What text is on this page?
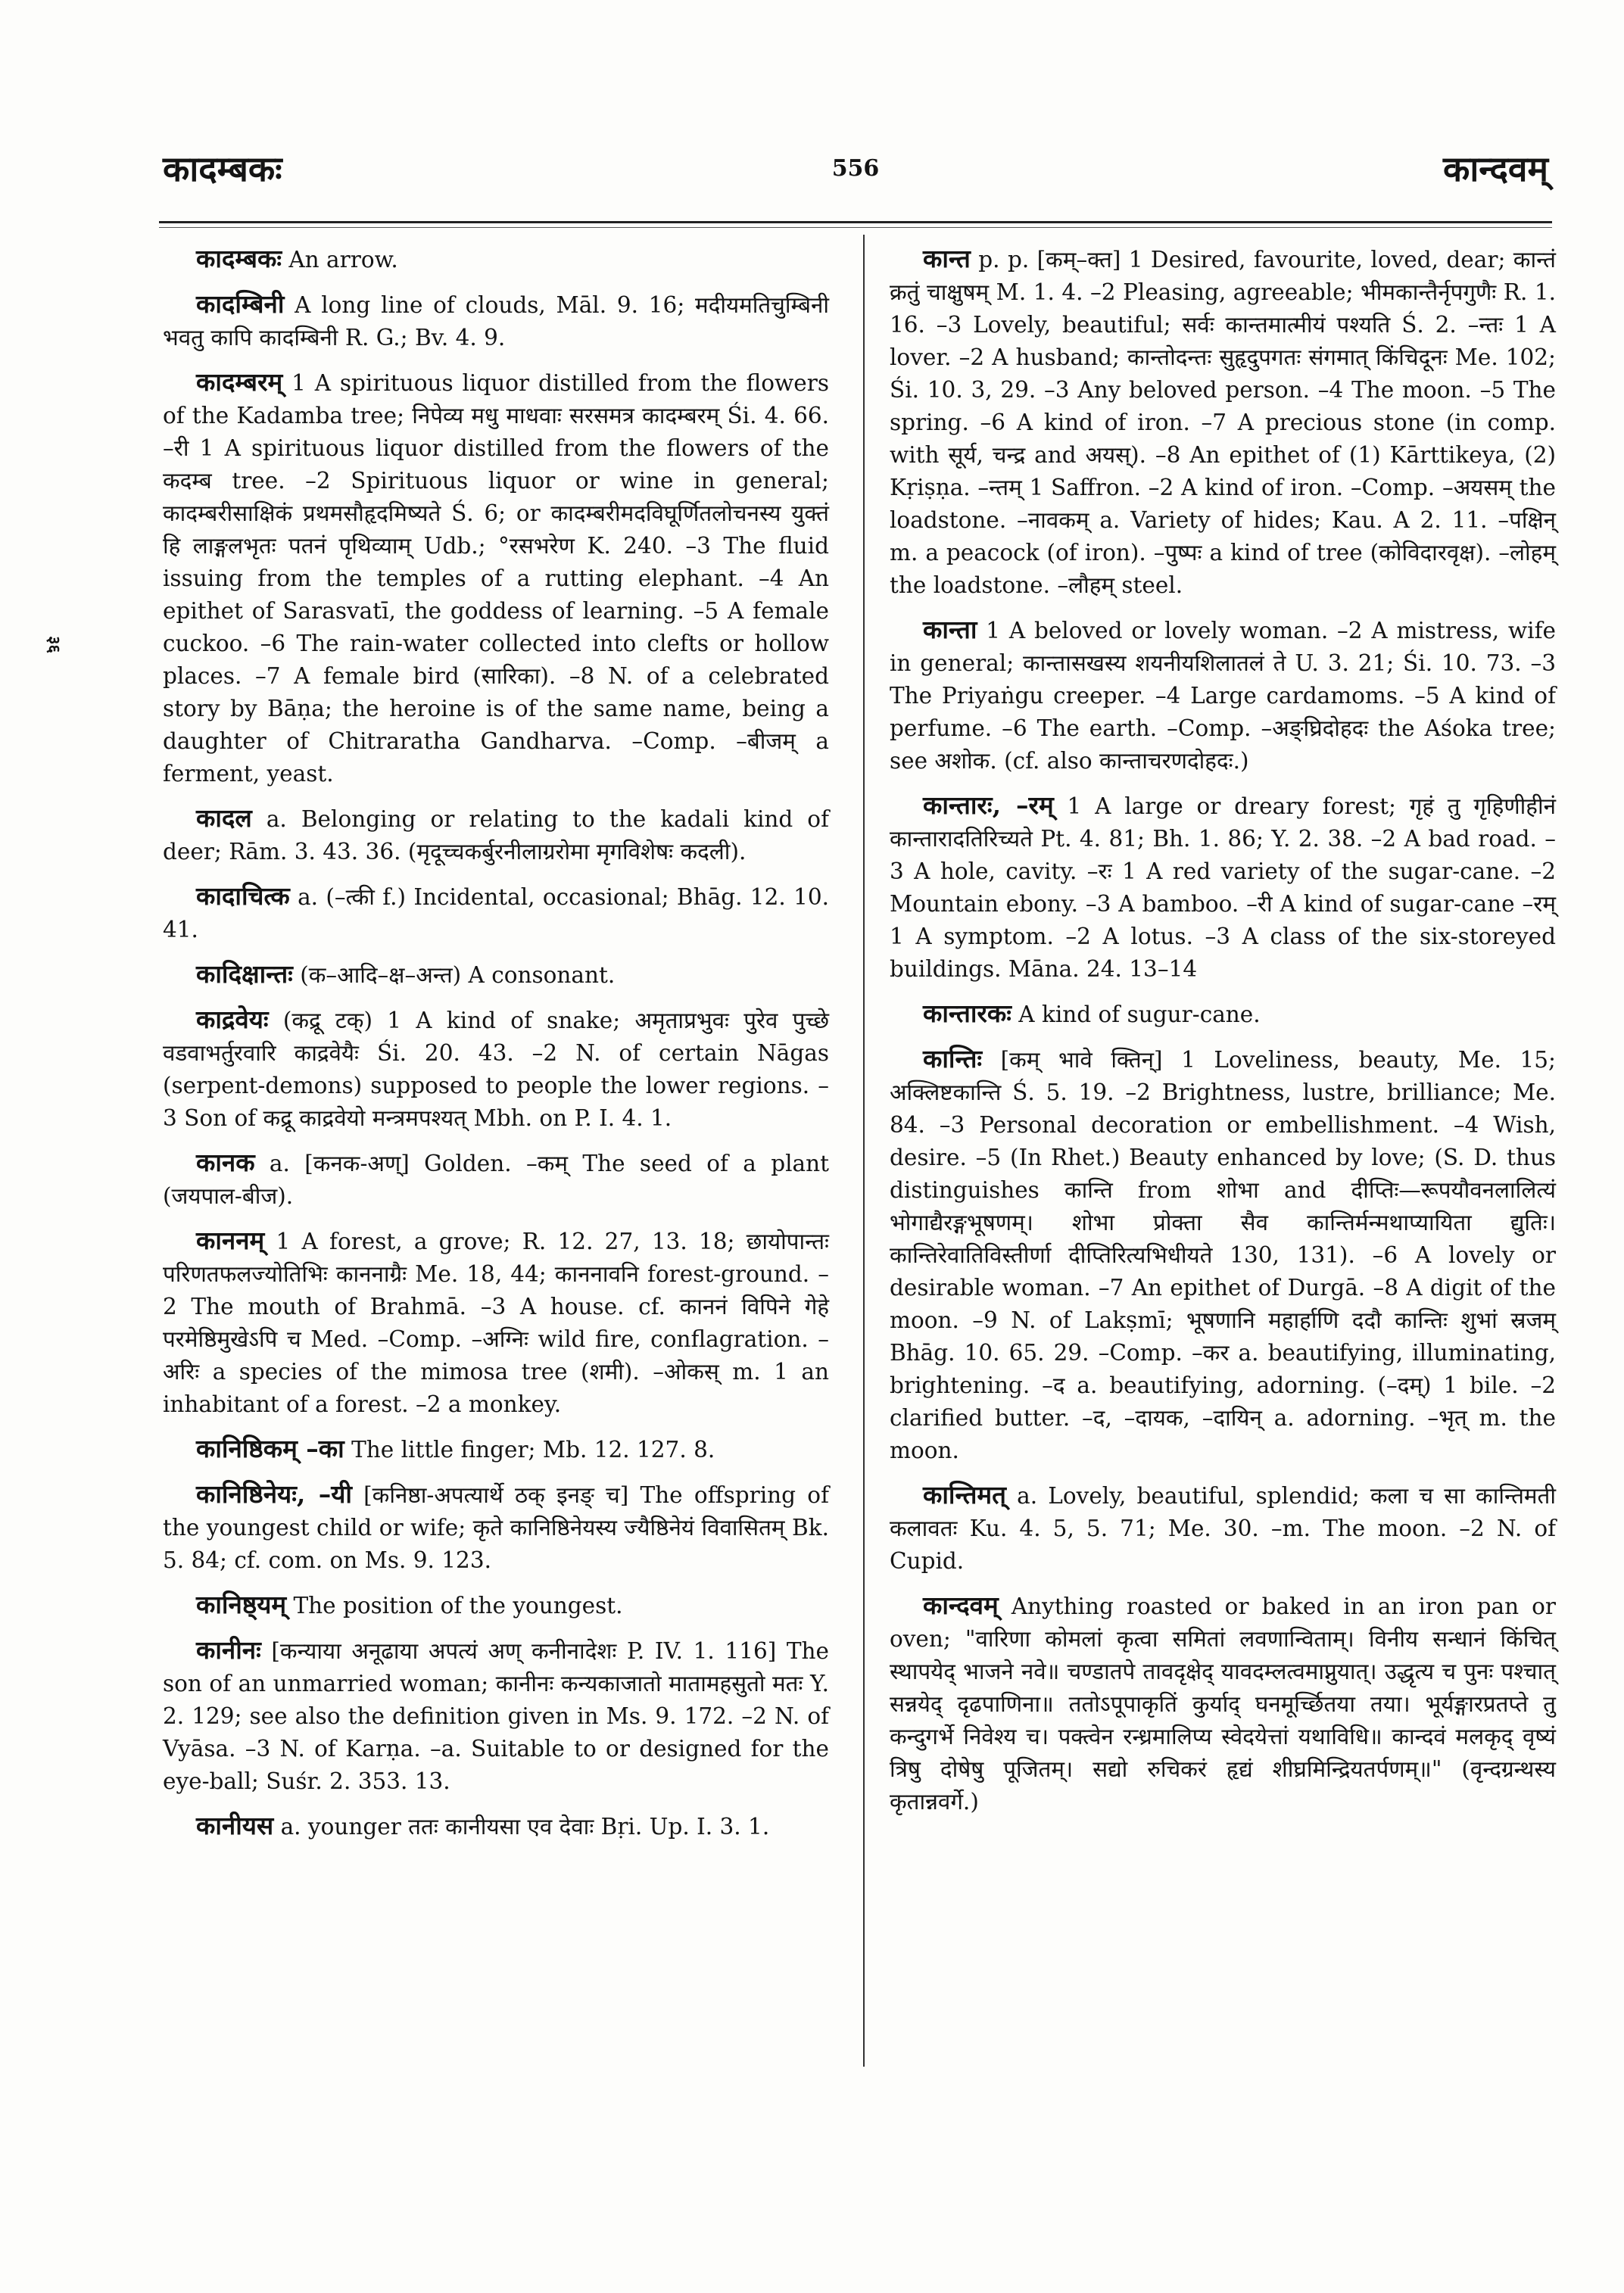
कादम्बकः	556	कान्दवम्
३६

कादम्बकः An arrow.

कादम्बिनी A long line of clouds, Māl. 9. 16; मदीयमतिचुम्बिनी भवतु कापि कादम्बिनी R. G.; Bv. 4. 9.

कादम्बरम् 1 A spirituous liquor distilled from the flowers of the Kadamba tree; निपेव्य मधु माधवाः सरसमत्र कादम्बरम् Śi. 4. 66. –री 1 A spirituous liquor distilled from the flowers of the कदम्ब tree. –2 Spirituous liquor or wine in general; कादम्बरीसाक्षिकं प्रथमसौहृदमिष्यते Ś. 6; or कादम्बरीमदविघूर्णितलोचनस्य युक्तं हि लाङ्गलभृतः पतनं पृथिव्याम् Udb.; °रसभरेण K. 240. –3 The fluid issuing from the temples of a rutting elephant. –4 An epithet of Sarasvatī, the goddess of learning. –5 A female cuckoo. –6 The rain-water collected into clefts or hollow places. –7 A female bird (सारिका). –8 N. of a celebrated story by Bāṇa; the heroine is of the same name, being a daughter of Chitraratha Gandharva. –Comp. –बीजम् a ferment, yeast.

कादल a. Belonging or relating to the kadali kind of deer; Rām. 3. 43. 36. (मृदूच्चकर्बुरनीलाग्ररोमा मृगविशेषः कदली).

कादाचित्क a. (–त्की f.) Incidental, occasional; Bhāg. 12. 10. 41.

कादिक्षान्तः (क–आदि–क्ष–अन्त) A consonant.

काद्रवेयः (कद्रू टक्) 1 A kind of snake; अमृताप्रभुवः पुरेव पुच्छे वडवाभर्तुरवारि काद्रवेयैः Śi. 20. 43. –2 N. of certain Nāgas (serpent-demons) supposed to people the lower regions. –3 Son of कद्रू काद्रवेयो मन्त्रमपश्यत् Mbh. on P. I. 4. 1.

कानक a. [कनक-अण्] Golden. –कम् The seed of a plant (जयपाल-बीज).

काननम् 1 A forest, a grove; R. 12. 27, 13. 18; छायोपान्तः परिणतफलज्योतिभिः काननाग्रैः Me. 18, 44; काननावनि forest-ground. –2 The mouth of Brahmā. –3 A house. cf. काननं विपिने गेहे परमेष्ठिमुखेऽपि च Med. –Comp. –अग्निः wild fire, conflagration. –अरिः a species of the mimosa tree (शमी). –ओकस् m. 1 an inhabitant of a forest. –2 a monkey.

कानिष्ठिकम् –का The little finger; Mb. 12. 127. 8.

कानिष्ठिनेयः, –यी [कनिष्ठा-अपत्यार्थे ठक् इनङ् च] The offspring of the youngest child or wife; कृते कानिष्ठिनेयस्य ज्यैष्ठिनेयं विवासितम् Bk. 5. 84; cf. com. on Ms. 9. 123.

कानिष्ठ्यम् The position of the youngest.

कानीनः [कन्याया अनूढाया अपत्यं अण् कनीनादेशः P. IV. 1. 116] The son of an unmarried woman; कानीनः कन्यकाजातो मातामहसुतो मतः Y. 2. 129; see also the definition given in Ms. 9. 172. –2 N. of Vyāsa. –3 N. of Karṇa. –a. Suitable to or designed for the eye-ball; Suśr. 2. 353. 13.

कानीयस a. younger ततः कानीयसा एव देवाः Bṛi. Up. I. 3. 1.

कान्त p. p. [कम्–क्त] 1 Desired, favourite, loved, dear; कान्तं क्रतुं चाक्षुषम् M. 1. 4. –2 Pleasing, agreeable; भीमकान्तैर्नृपगुणैः R. 1. 16. –3 Lovely, beautiful; सर्वः कान्तमात्मीयं पश्यति Ś. 2. –न्तः 1 A lover. –2 A husband; कान्तोदन्तः सुहृदुपगतः संगमात् किंचिदूनः Me. 102; Śi. 10. 3, 29. –3 Any beloved person. –4 The moon. –5 The spring. –6 A kind of iron. –7 A precious stone (in comp. with सूर्य, चन्द्र and अयस्). –8 An epithet of (1) Kārttikeya, (2) Kṛiṣṇa. –न्तम् 1 Saffron. –2 A kind of iron. –Comp. –अयसम् the loadstone. –नावकम् a. Variety of hides; Kau. A 2. 11. –पक्षिन् m. a peacock (of iron). –पुष्पः a kind of tree (कोविदारवृक्ष). –लोहम् the loadstone. –लौहम् steel.

कान्ता 1 A beloved or lovely woman. –2 A mistress, wife in general; कान्तासखस्य शयनीयशिलातलं ते U. 3. 21; Śi. 10. 73. –3 The Priyaṅgu creeper. –4 Large cardamoms. –5 A kind of perfume. –6 The earth. –Comp. –अङ्घ्रिदोहदः the Aśoka tree; see अशोक. (cf. also कान्ताचरणदोहदः.)

कान्तारः, –रम् 1 A large or dreary forest; गृहं तु गृहिणीहीनं कान्तारादतिरिच्यते Pt. 4. 81; Bh. 1. 86; Y. 2. 38. –2 A bad road. –3 A hole, cavity. –रः 1 A red variety of the sugar-cane. –2 Mountain ebony. –3 A bamboo. –री A kind of sugar-cane –रम् 1 A symptom. –2 A lotus. –3 A class of the six-storeyed buildings. Māna. 24. 13–14

कान्तारकः A kind of sugur-cane.

कान्तिः [कम् भावे क्तिन्] 1 Loveliness, beauty, Me. 15; अक्लिष्टकान्ति Ś. 5. 19. –2 Brightness, lustre, brilliance; Me. 84. –3 Personal decoration or embellishment. –4 Wish, desire. –5 (In Rhet.) Beauty enhanced by love; (S. D. thus distinguishes कान्ति from शोभा and दीप्तिः—रूपयौवनलालित्यं भोगाद्यैरङ्गभूषणम्। शोभा प्रोक्ता सैव कान्तिर्मन्मथाप्यायिता द्युतिः। कान्तिरेवातिविस्तीर्णा दीप्तिरित्यभिधीयते 130, 131). –6 A lovely or desirable woman. –7 An epithet of Durgā. –8 A digit of the moon. –9 N. of Lakṣmī; भूषणानि महार्हाणि ददौ कान्तिः शुभां स्रजम् Bhāg. 10. 65. 29. –Comp. –कर a. beautifying, illuminating, brightening. –द a. beautifying, adorning. (–दम्) 1 bile. –2 clarified butter. –द, –दायक, –दायिन् a. adorning. –भृत् m. the moon.

कान्तिमत् a. Lovely, beautiful, splendid; कला च सा कान्तिमती कलावतः Ku. 4. 5, 5. 71; Me. 30. –m. The moon. –2 N. of Cupid.

कान्दवम् Anything roasted or baked in an iron pan or oven; "वारिणा कोमलां कृत्वा समितां लवणान्विताम्। विनीय सन्धानं किंचित् स्थापयेद् भाजने नवे॥ चण्डातपे तावदृक्षेद् यावदम्लत्वमाप्नुयात्। उद्धृत्य च पुनः पश्चात् सन्नयेद् दृढपाणिना॥ ततोऽपूपाकृतिं कुर्याद् घनमूर्च्छितया तया। भूर्यङ्गारप्रतप्ते तु कन्दुगर्भे निवेश्य च। पक्त्वेन रन्ध्रमालिप्य स्वेदयेत्तां यथाविधि॥ कान्दवं मलकृद् वृष्यं त्रिषु दोषेषु पूजितम्। सद्यो रुचिकरं हृद्यं शीघ्रमिन्द्रियतर्पणम्॥" (वृन्दग्रन्थस्य कृतान्नवर्गे.)
